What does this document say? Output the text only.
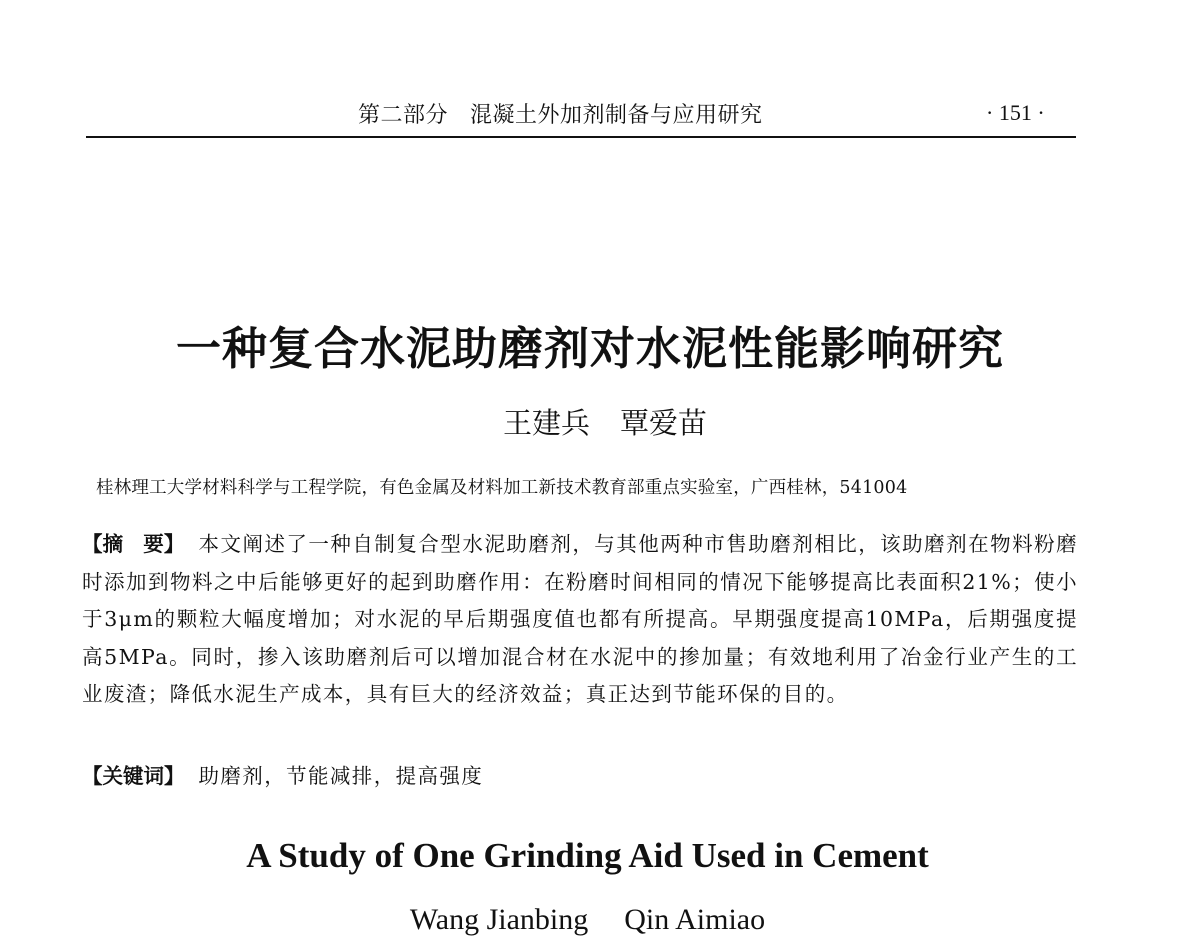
第二部分 混凝土外加剂制备与应用研究	· 151 ·
一种复合水泥助磨剂对水泥性能影响研究
王建兵 覃爱苗
桂林理工大学材料科学与工程学院，有色金属及材料加工新技术教育部重点实验室，广西桂林，541004
【摘 要】 本文阐述了一种自制复合型水泥助磨剂，与其他两种市售助磨剂相比，该助磨剂在物料粉磨时添加到物料之中后能够更好的起到助磨作用：在粉磨时间相同的情况下能够提高比表面积21%；使小于3μm的颗粒大幅度增加；对水泥的早后期强度值也都有所提高。早期强度提高10MPa，后期强度提高5MPa。同时，掺入该助磨剂后可以增加混合材在水泥中的掺加量；有效地利用了冶金行业产生的工业废渣；降低水泥生产成本，具有巨大的经济效益；真正达到节能环保的目的。
【关键词】 助磨剂，节能减排，提高强度
A Study of One Grinding Aid Used in Cement
Wang Jianbing Qin Aimiao
